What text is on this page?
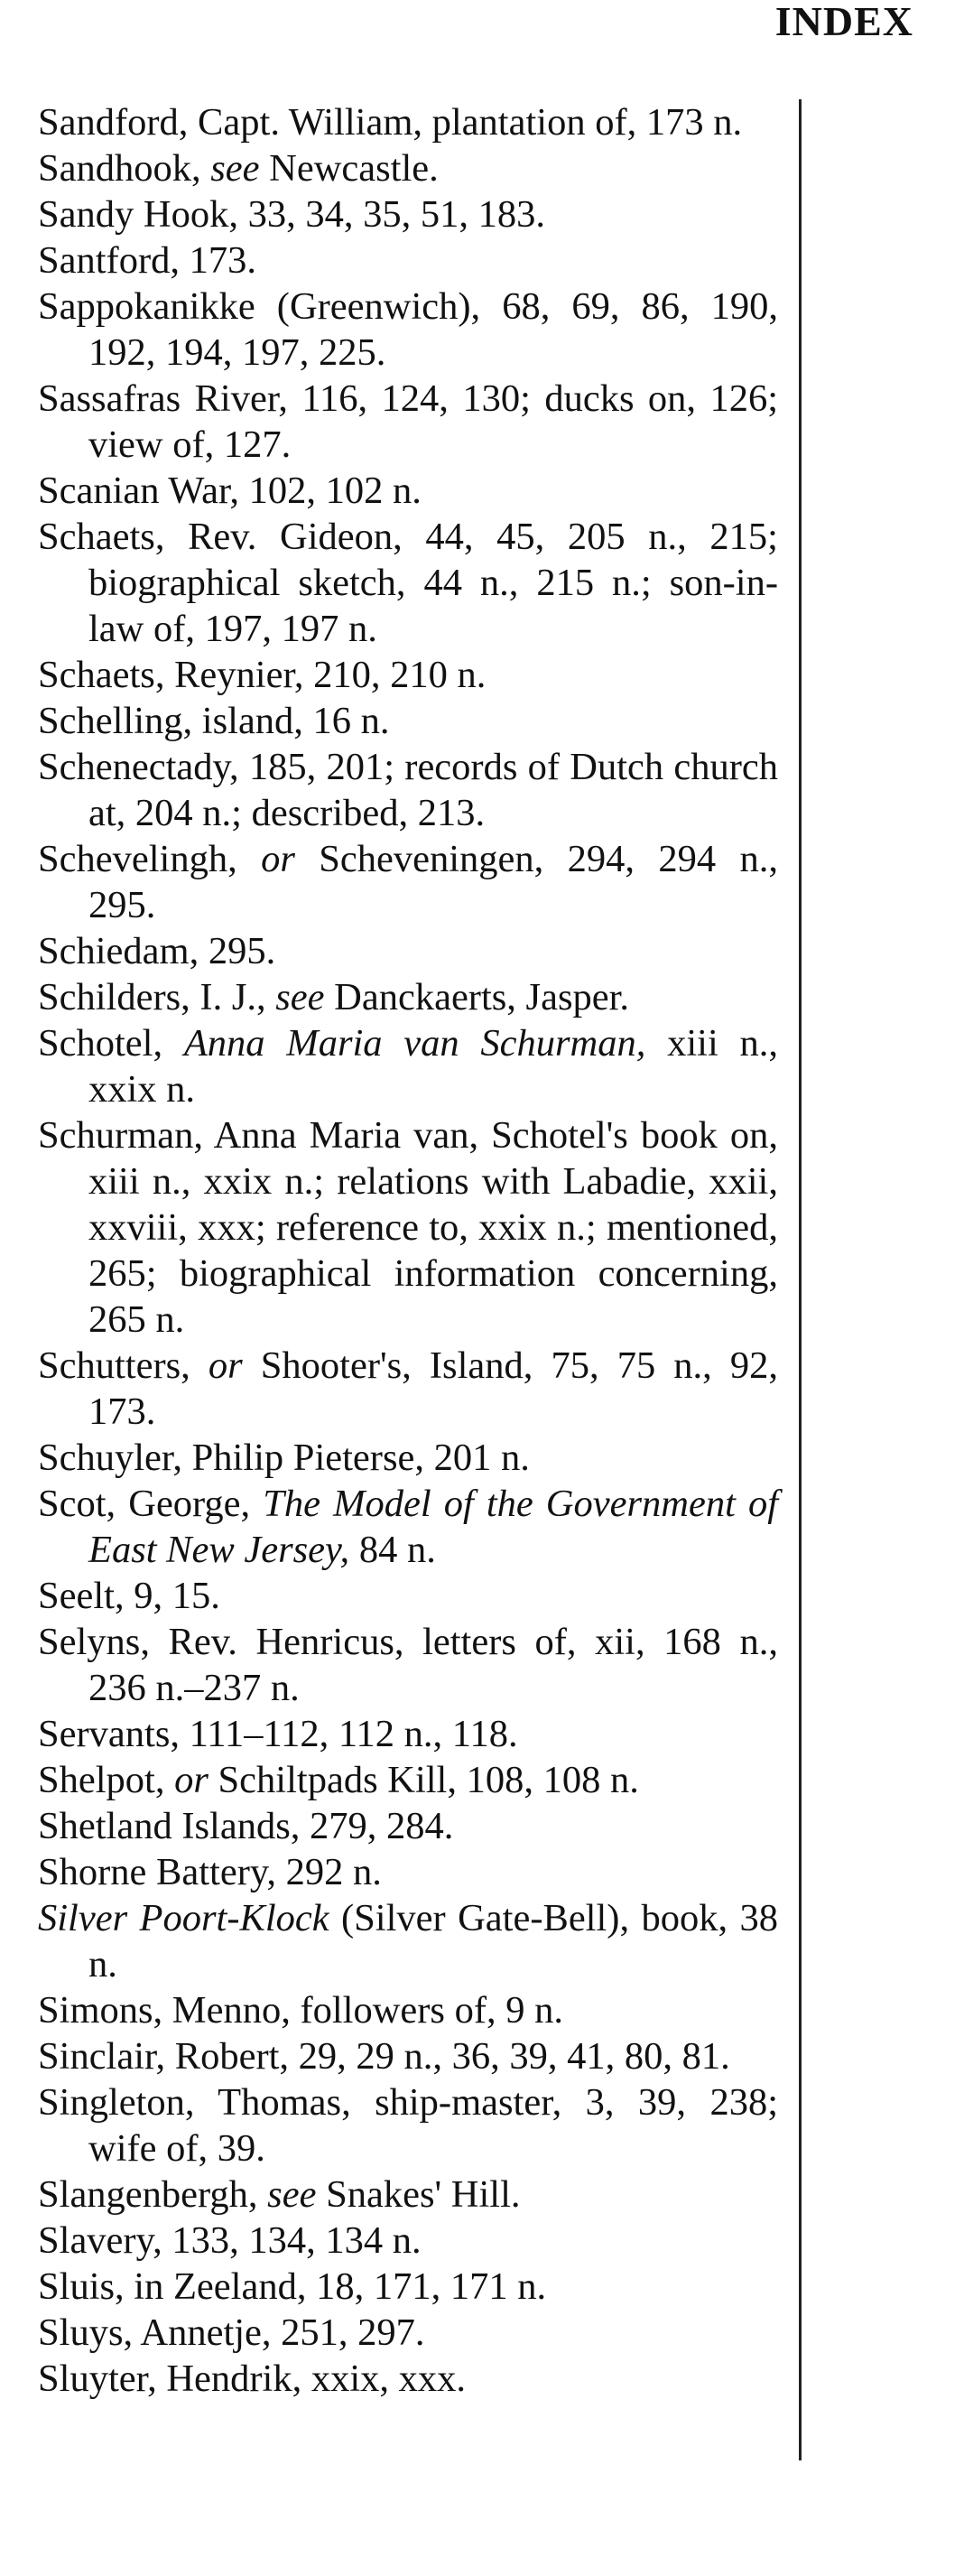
INDEX

Sandford, Capt. William, plantation of, 173 n.

Sandhook, see Newcastle.

Sandy Hook, 33, 34, 35, 51, 183.

Santford, 173.

Sappokanikke (Greenwich), 68, 69, 86, 190, 192, 194, 197, 225.

Sassafras River, 116, 124, 130; ducks on, 126; view of, 127.

Scanian War, 102, 102 n.

Schaets, Rev. Gideon, 44, 45, 205 n., 215; biographical sketch, 44 n., 215 n.; son-in-law of, 197, 197 n.

Schaets, Reynier, 210, 210 n.

Schelling, island, 16 n.

Schenectady, 185, 201; records of Dutch church at, 204 n.; described, 213.

Schevelingh, or Scheveningen, 294, 294 n., 295.

Schiedam, 295.

Schilders, I. J., see Danckaerts, Jasper.

Schotel, Anna Maria van Schurman, xiii n., xxix n.

Schurman, Anna Maria van, Schotel's book on, xiii n., xxix n.; relations with Labadie, xxii, xxviii, xxx; reference to, xxix n.; mentioned, 265; biographical information concerning, 265 n.

Schutters, or Shooter's, Island, 75, 75 n., 92, 173.

Schuyler, Philip Pieterse, 201 n.

Scot, George, The Model of the Government of East New Jersey, 84 n.

Seelt, 9, 15.

Selyns, Rev. Henricus, letters of, xii, 168 n., 236 n.–237 n.

Servants, 111–112, 112 n., 118.

Shelpot, or Schiltpads Kill, 108, 108 n.

Shetland Islands, 279, 284.

Shorne Battery, 292 n.

Silver Poort-Klock (Silver Gate-Bell), book, 38 n.

Simons, Menno, followers of, 9 n.

Sinclair, Robert, 29, 29 n., 36, 39, 41, 80, 81.

Singleton, Thomas, ship-master, 3, 39, 238; wife of, 39.

Slangenbergh, see Snakes' Hill.

Slavery, 133, 134, 134 n.

Sluis, in Zeeland, 18, 171, 171 n.

Sluys, Annetje, 251, 297.

Sluyter, Hendrik, xxix, xxx.
